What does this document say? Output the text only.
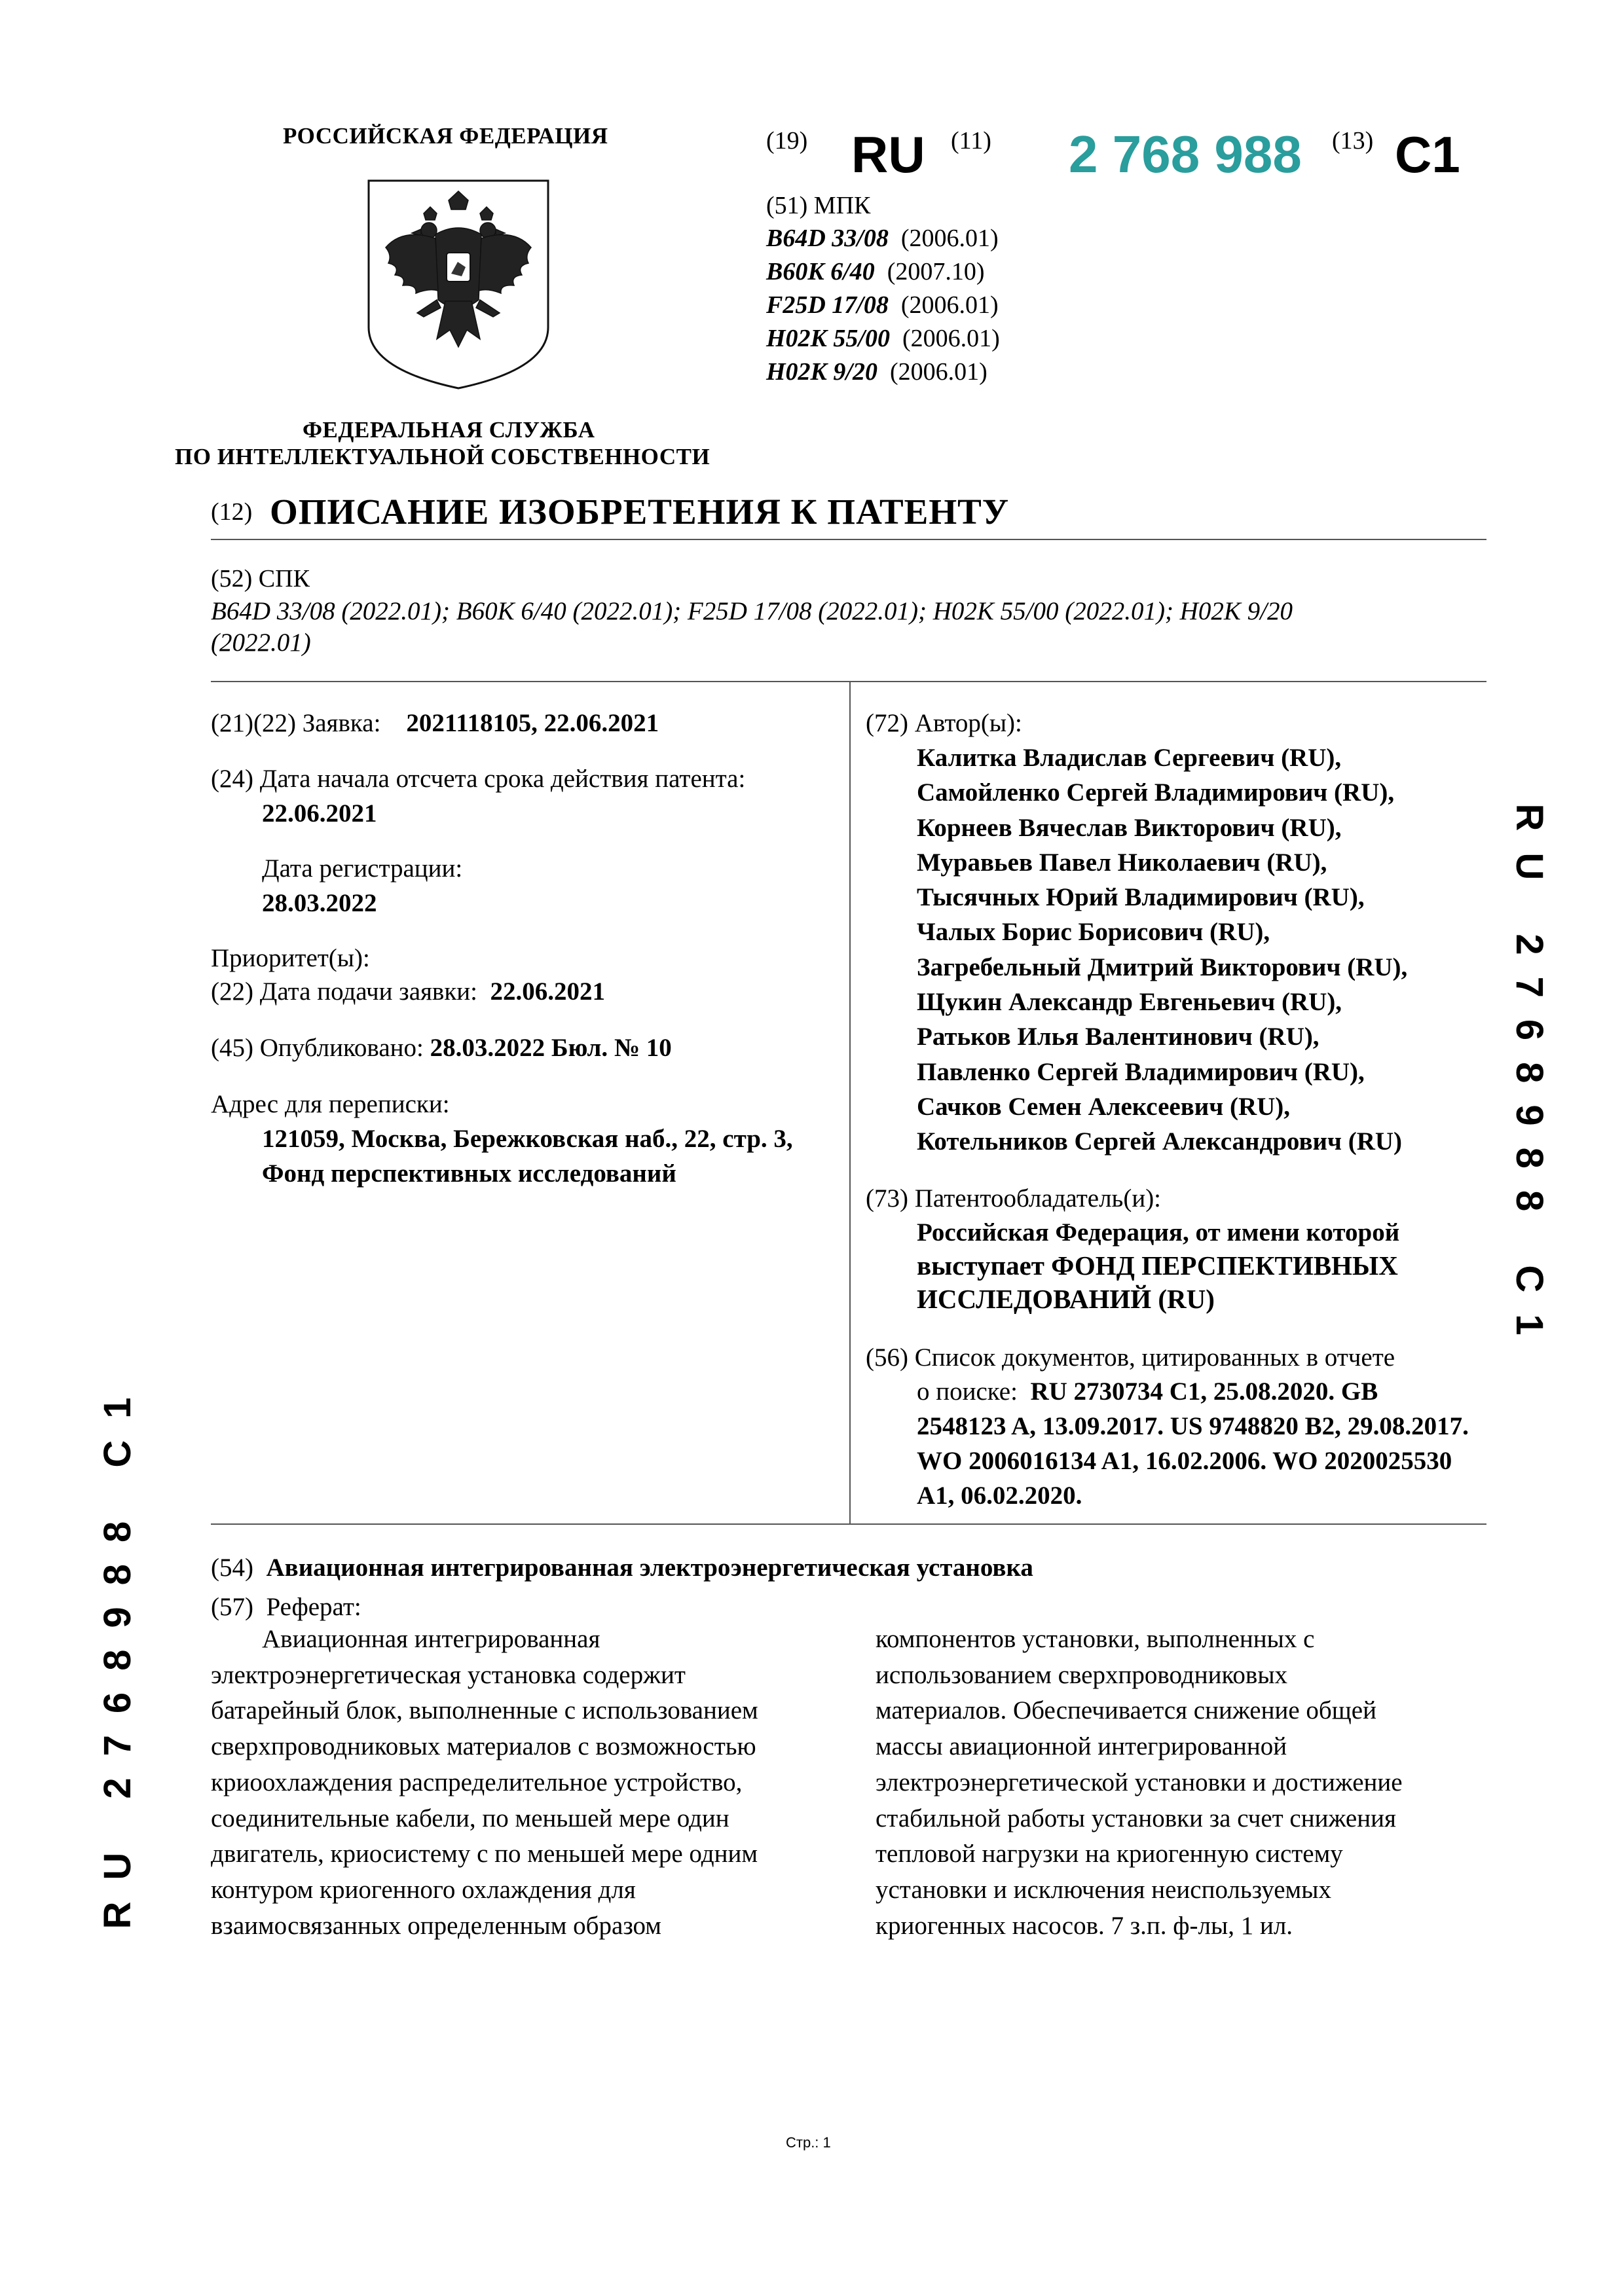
РОССИЙСКАЯ ФЕДЕРАЦИЯ
ФЕДЕРАЛЬНАЯ СЛУЖБА
ПО ИНТЕЛЛЕКТУАЛЬНОЙ СОБСТВЕННОСТИ
(19) RU (11) 2 768 988 (13) C1
(51) МПК
B64D 33/08 (2006.01)
B60K 6/40 (2007.10)
F25D 17/08 (2006.01)
H02K 55/00 (2006.01)
H02K 9/20 (2006.01)
(12) ОПИСАНИЕ ИЗОБРЕТЕНИЯ К ПАТЕНТУ
(52) СПК
B64D 33/08 (2022.01); B60K 6/40 (2022.01); F25D 17/08 (2022.01); H02K 55/00 (2022.01); H02K 9/20
(2022.01)
(21)(22) Заявка: 2021118105, 22.06.2021
(24) Дата начала отсчета срока действия патента:
22.06.2021
Дата регистрации:
28.03.2022
Приоритет(ы):
(22) Дата подачи заявки: 22.06.2021
(45) Опубликовано: 28.03.2022 Бюл. № 10
Адрес для переписки:
121059, Москва, Бережковская наб., 22, стр. 3,
Фонд перспективных исследований
(72) Автор(ы):
Калитка Владислав Сергеевич (RU),
Самойленко Сергей Владимирович (RU),
Корнеев Вячеслав Викторович (RU),
Муравьев Павел Николаевич (RU),
Тысячных Юрий Владимирович (RU),
Чалых Борис Борисович (RU),
Загребельный Дмитрий Викторович (RU),
Щукин Александр Евгеньевич (RU),
Ратьков Илья Валентинович (RU),
Павленко Сергей Владимирович (RU),
Сачков Семен Алексеевич (RU),
Котельников Сергей Александрович (RU)
(73) Патентообладатель(и):
Российская Федерация, от имени которой
выступает ФОНД ПЕРСПЕКТИВНЫХ
ИССЛЕДОВАНИЙ (RU)
(56) Список документов, цитированных в отчете
о поиске: RU 2730734 C1, 25.08.2020. GB
2548123 A, 13.09.2017. US 9748820 B2, 29.08.2017.
WO 2006016134 A1, 16.02.2006. WO 2020025530
A1, 06.02.2020.
(54) Авиационная интегрированная электроэнергетическая установка
(57) Реферат:

Авиационная интегрированная

электроэнергетическая установка содержит

батарейный блок, выполненные с использованием

сверхпроводниковых материалов с возможностью

криоохлаждения распределительное устройство,

соединительные кабели, по меньшей мере один

двигатель, криосистему с по меньшей мере одним

контуром криогенного охлаждения для

взаимосвязанных определенным образом

компонентов установки, выполненных с

использованием сверхпроводниковых

материалов. Обеспечивается снижение общей

массы авиационной интегрированной

электроэнергетической установки и достижение

стабильной работы установки за счет снижения

тепловой нагрузки на криогенную систему

установки и исключения неиспользуемых

криогенных насосов. 7 з.п. ф-лы, 1 ил.

RU 2768988 C1
RU 2768988 C1
Стр.: 1
